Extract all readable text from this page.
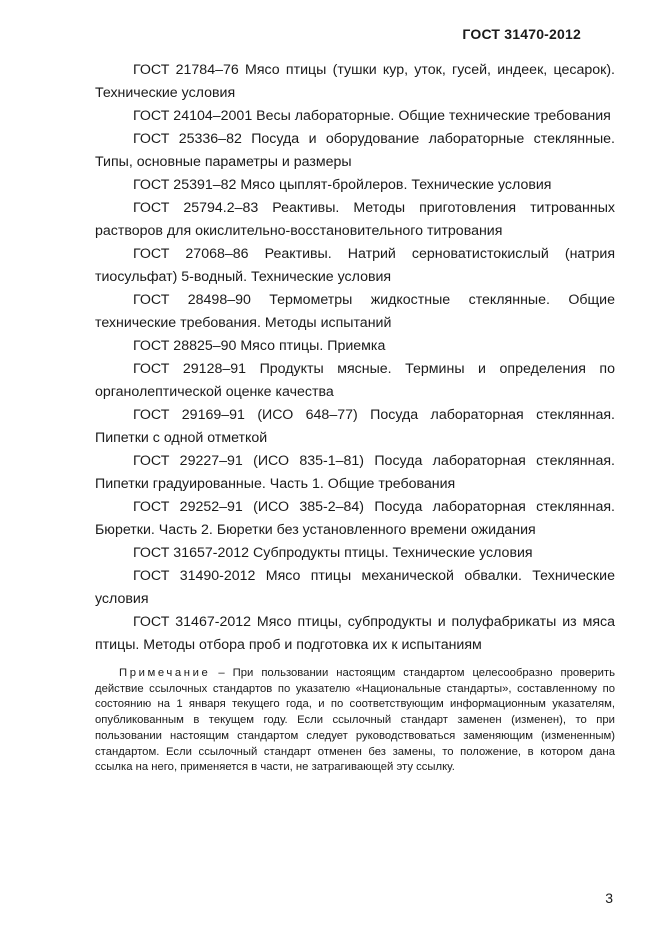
ГОСТ 31470-2012

ГОСТ 21784–76 Мясо птицы (тушки кур, уток, гусей, индеек, цесарок). Технические условия

ГОСТ 24104–2001 Весы лабораторные. Общие технические требования

ГОСТ 25336–82 Посуда и оборудование лабораторные стеклянные. Типы, основные параметры и размеры

ГОСТ 25391–82 Мясо цыплят-бройлеров. Технические условия

ГОСТ 25794.2–83 Реактивы. Методы приготовления титрованных растворов для окислительно-восстановительного титрования

ГОСТ 27068–86 Реактивы. Натрий серноватистокислый (натрия тиосульфат) 5-водный. Технические условия

ГОСТ 28498–90 Термометры жидкостные стеклянные. Общие технические требования. Методы испытаний

ГОСТ 28825–90 Мясо птицы. Приемка

ГОСТ 29128–91 Продукты мясные. Термины и определения по органолептической оценке качества

ГОСТ 29169–91 (ИСО 648–77) Посуда лабораторная стеклянная. Пипетки с одной отметкой

ГОСТ 29227–91 (ИСО 835-1–81) Посуда лабораторная стеклянная. Пипетки градуированные. Часть 1. Общие требования

ГОСТ 29252–91 (ИСО 385-2–84) Посуда лабораторная стеклянная. Бюретки. Часть 2. Бюретки без установленного времени ожидания

ГОСТ 31657-2012 Субпродукты птицы. Технические условия

ГОСТ 31490-2012 Мясо птицы механической обвалки. Технические условия

ГОСТ 31467-2012 Мясо птицы, субпродукты и полуфабрикаты из мяса птицы. Методы отбора проб и подготовка их к испытаниям

Примечание – При пользовании настоящим стандартом целесообразно проверить действие ссылочных стандартов по указателю «Национальные стандарты», составленному по состоянию на 1 января текущего года, и по соответствующим информационным указателям, опубликованным в текущем году. Если ссылочный стандарт заменен (изменен), то при пользовании настоящим стандартом следует руководствоваться заменяющим (измененным) стандартом. Если ссылочный стандарт отменен без замены, то положение, в котором дана ссылка на него, применяется в части, не затрагивающей эту ссылку.

3
